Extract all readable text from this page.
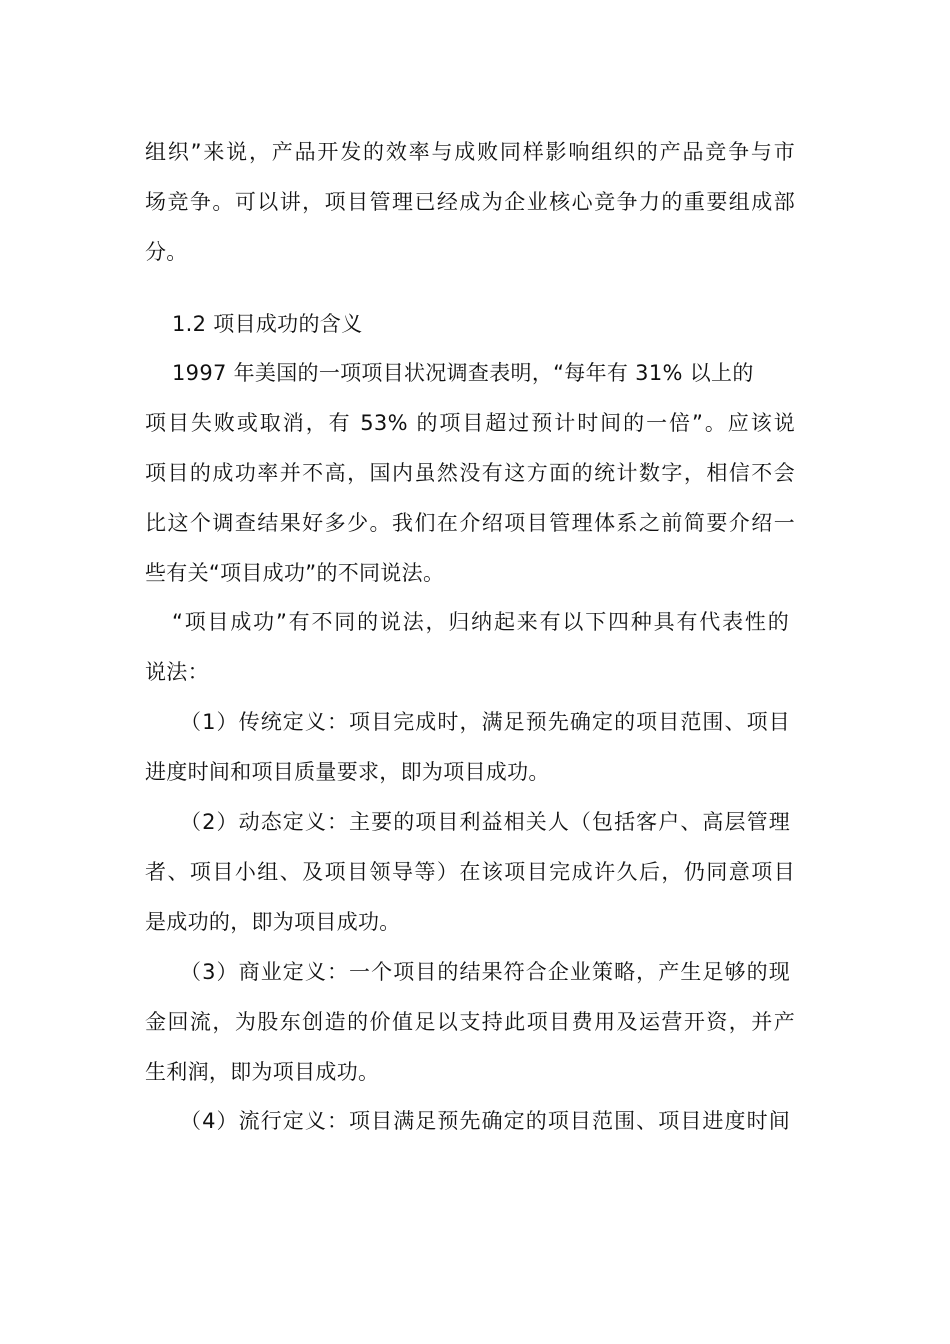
组织”来说，产品开发的效率与成败同样影响组织的产品竞争与市
场竞争。可以讲，项目管理已经成为企业核心竞争力的重要组成部
分。
1.2 项目成功的含义
1997 年美国的一项项目状况调查表明，“每年有 31% 以上的
项目失败或取消，有 53% 的项目超过预计时间的一倍”。应该说
项目的成功率并不高，国内虽然没有这方面的统计数字，相信不会
比这个调查结果好多少。我们在介绍项目管理体系之前简要介绍一
些有关“项目成功”的不同说法。
“项目成功”有不同的说法，归纳起来有以下四种具有代表性的
说法：
（1）传统定义：项目完成时，满足预先确定的项目范围、项目
进度时间和项目质量要求，即为项目成功。
（2）动态定义：主要的项目利益相关人（包括客户、高层管理
者、项目小组、及项目领导等）在该项目完成许久后，仍同意项目
是成功的，即为项目成功。
（3）商业定义：一个项目的结果符合企业策略，产生足够的现
金回流，为股东创造的价值足以支持此项目费用及运营开资，并产
生利润，即为项目成功。
（4）流行定义：项目满足预先确定的项目范围、项目进度时间
